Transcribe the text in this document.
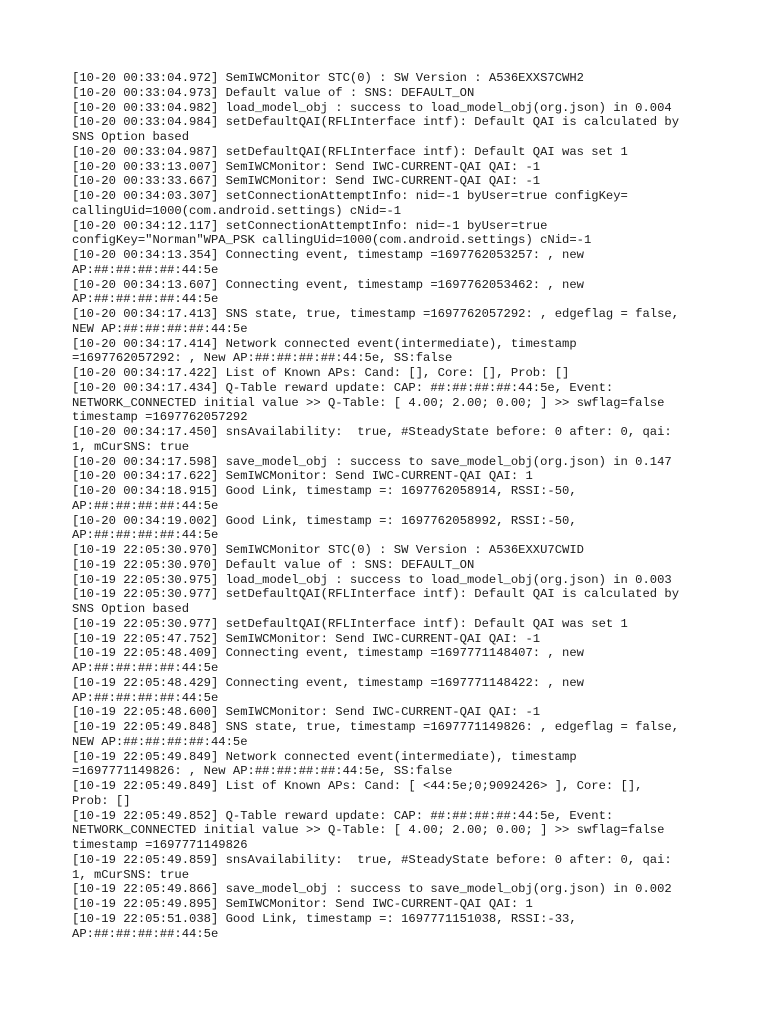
[10-20 00:33:04.972] SemIWCMonitor STC(0) : SW Version : A536EXXS7CWH2
[10-20 00:33:04.973] Default value of : SNS: DEFAULT_ON
[10-20 00:33:04.982] load_model_obj : success to load_model_obj(org.json) in 0.004
[10-20 00:33:04.984] setDefaultQAI(RFLInterface intf): Default QAI is calculated by
SNS Option based
[10-20 00:33:04.987] setDefaultQAI(RFLInterface intf): Default QAI was set 1
[10-20 00:33:13.007] SemIWCMonitor: Send IWC-CURRENT-QAI QAI: -1
[10-20 00:33:33.667] SemIWCMonitor: Send IWC-CURRENT-QAI QAI: -1
[10-20 00:34:03.307] setConnectionAttemptInfo: nid=-1 byUser=true configKey=
callingUid=1000(com.android.settings) cNid=-1
[10-20 00:34:12.117] setConnectionAttemptInfo: nid=-1 byUser=true
configKey="Norman"WPA_PSK callingUid=1000(com.android.settings) cNid=-1
[10-20 00:34:13.354] Connecting event, timestamp =1697762053257: , new
AP:##:##:##:##:44:5e
[10-20 00:34:13.607] Connecting event, timestamp =1697762053462: , new
AP:##:##:##:##:44:5e
[10-20 00:34:17.413] SNS state, true, timestamp =1697762057292: , edgeflag = false,
NEW AP:##:##:##:##:44:5e
[10-20 00:34:17.414] Network connected event(intermediate), timestamp
=1697762057292: , New AP:##:##:##:##:44:5e, SS:false
[10-20 00:34:17.422] List of Known APs: Cand: [], Core: [], Prob: []
[10-20 00:34:17.434] Q-Table reward update: CAP: ##:##:##:##:44:5e, Event:
NETWORK_CONNECTED initial value >> Q-Table: [ 4.00; 2.00; 0.00; ] >> swflag=false
timestamp =1697762057292
[10-20 00:34:17.450] snsAvailability:  true, #SteadyState before: 0 after: 0, qai:
1, mCurSNS: true
[10-20 00:34:17.598] save_model_obj : success to save_model_obj(org.json) in 0.147
[10-20 00:34:17.622] SemIWCMonitor: Send IWC-CURRENT-QAI QAI: 1
[10-20 00:34:18.915] Good Link, timestamp =: 1697762058914, RSSI:-50,
AP:##:##:##:##:44:5e
[10-20 00:34:19.002] Good Link, timestamp =: 1697762058992, RSSI:-50,
AP:##:##:##:##:44:5e
[10-19 22:05:30.970] SemIWCMonitor STC(0) : SW Version : A536EXXU7CWID
[10-19 22:05:30.970] Default value of : SNS: DEFAULT_ON
[10-19 22:05:30.975] load_model_obj : success to load_model_obj(org.json) in 0.003
[10-19 22:05:30.977] setDefaultQAI(RFLInterface intf): Default QAI is calculated by
SNS Option based
[10-19 22:05:30.977] setDefaultQAI(RFLInterface intf): Default QAI was set 1
[10-19 22:05:47.752] SemIWCMonitor: Send IWC-CURRENT-QAI QAI: -1
[10-19 22:05:48.409] Connecting event, timestamp =1697771148407: , new
AP:##:##:##:##:44:5e
[10-19 22:05:48.429] Connecting event, timestamp =1697771148422: , new
AP:##:##:##:##:44:5e
[10-19 22:05:48.600] SemIWCMonitor: Send IWC-CURRENT-QAI QAI: -1
[10-19 22:05:49.848] SNS state, true, timestamp =1697771149826: , edgeflag = false,
NEW AP:##:##:##:##:44:5e
[10-19 22:05:49.849] Network connected event(intermediate), timestamp
=1697771149826: , New AP:##:##:##:##:44:5e, SS:false
[10-19 22:05:49.849] List of Known APs: Cand: [ <44:5e;0;9092426> ], Core: [],
Prob: []
[10-19 22:05:49.852] Q-Table reward update: CAP: ##:##:##:##:44:5e, Event:
NETWORK_CONNECTED initial value >> Q-Table: [ 4.00; 2.00; 0.00; ] >> swflag=false
timestamp =1697771149826
[10-19 22:05:49.859] snsAvailability:  true, #SteadyState before: 0 after: 0, qai:
1, mCurSNS: true
[10-19 22:05:49.866] save_model_obj : success to save_model_obj(org.json) in 0.002
[10-19 22:05:49.895] SemIWCMonitor: Send IWC-CURRENT-QAI QAI: 1
[10-19 22:05:51.038] Good Link, timestamp =: 1697771151038, RSSI:-33,
AP:##:##:##:##:44:5e
